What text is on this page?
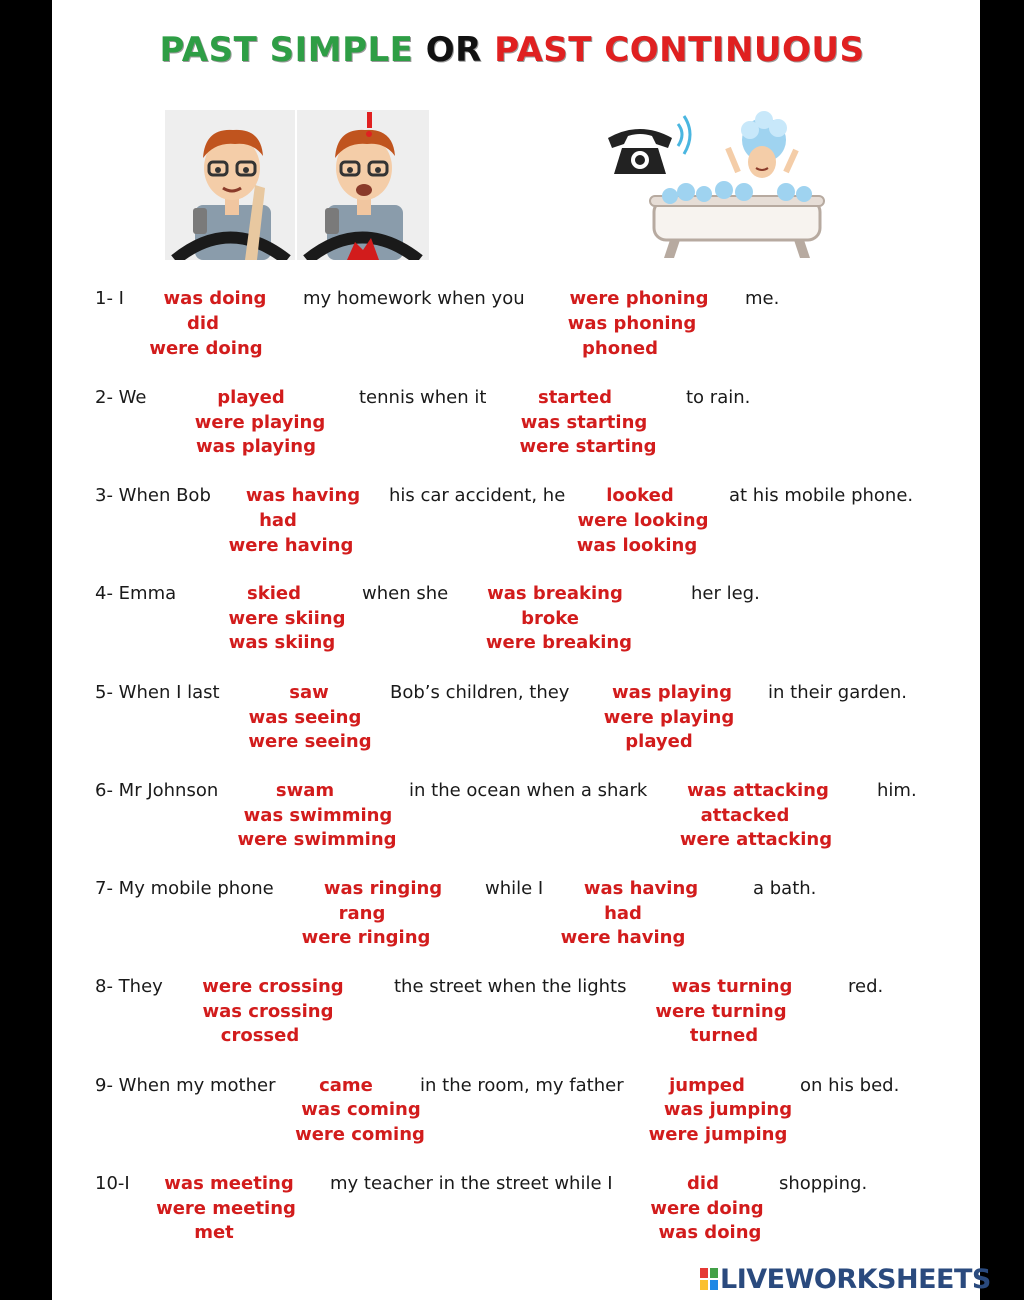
PAST SIMPLE OR PAST CONTINUOUS
1- I was doing
did
were doing
my homework when you were phoning
was phoning
phoned
me.
2- We	played
were playing
was playing
tennis when it	started
was starting
were starting
to rain.
3- When Bob was having
had
were having
his car accident, he looked
were looking
was looking
at his mobile phone.
4- Emma	skied
were skiing
was skiing
when she was breaking
broke
were breaking
her leg.
5- When I last	saw
was seeing
were seeing
Bob’s children, they was playing
were playing
played
in their garden.
6- Mr Johnson	swam
was swimming
were swimming
in the ocean when a shark was attacking
attacked
were attacking
him.
7- My mobile phone	was ringing
rang
were ringing
while I was having
had
were having
a bath.
8- They were crossing
was crossing
crossed
the street when the lights	was turning
were turning
turned
red.
9- When my mother came
was coming
were coming
in the room, my father	jumped
was jumping
were jumping
on his bed.
10-I was meeting
were meeting
met
my teacher in the street while I	did
were doing
was doing
shopping.
LIVEWORKSHEETS
